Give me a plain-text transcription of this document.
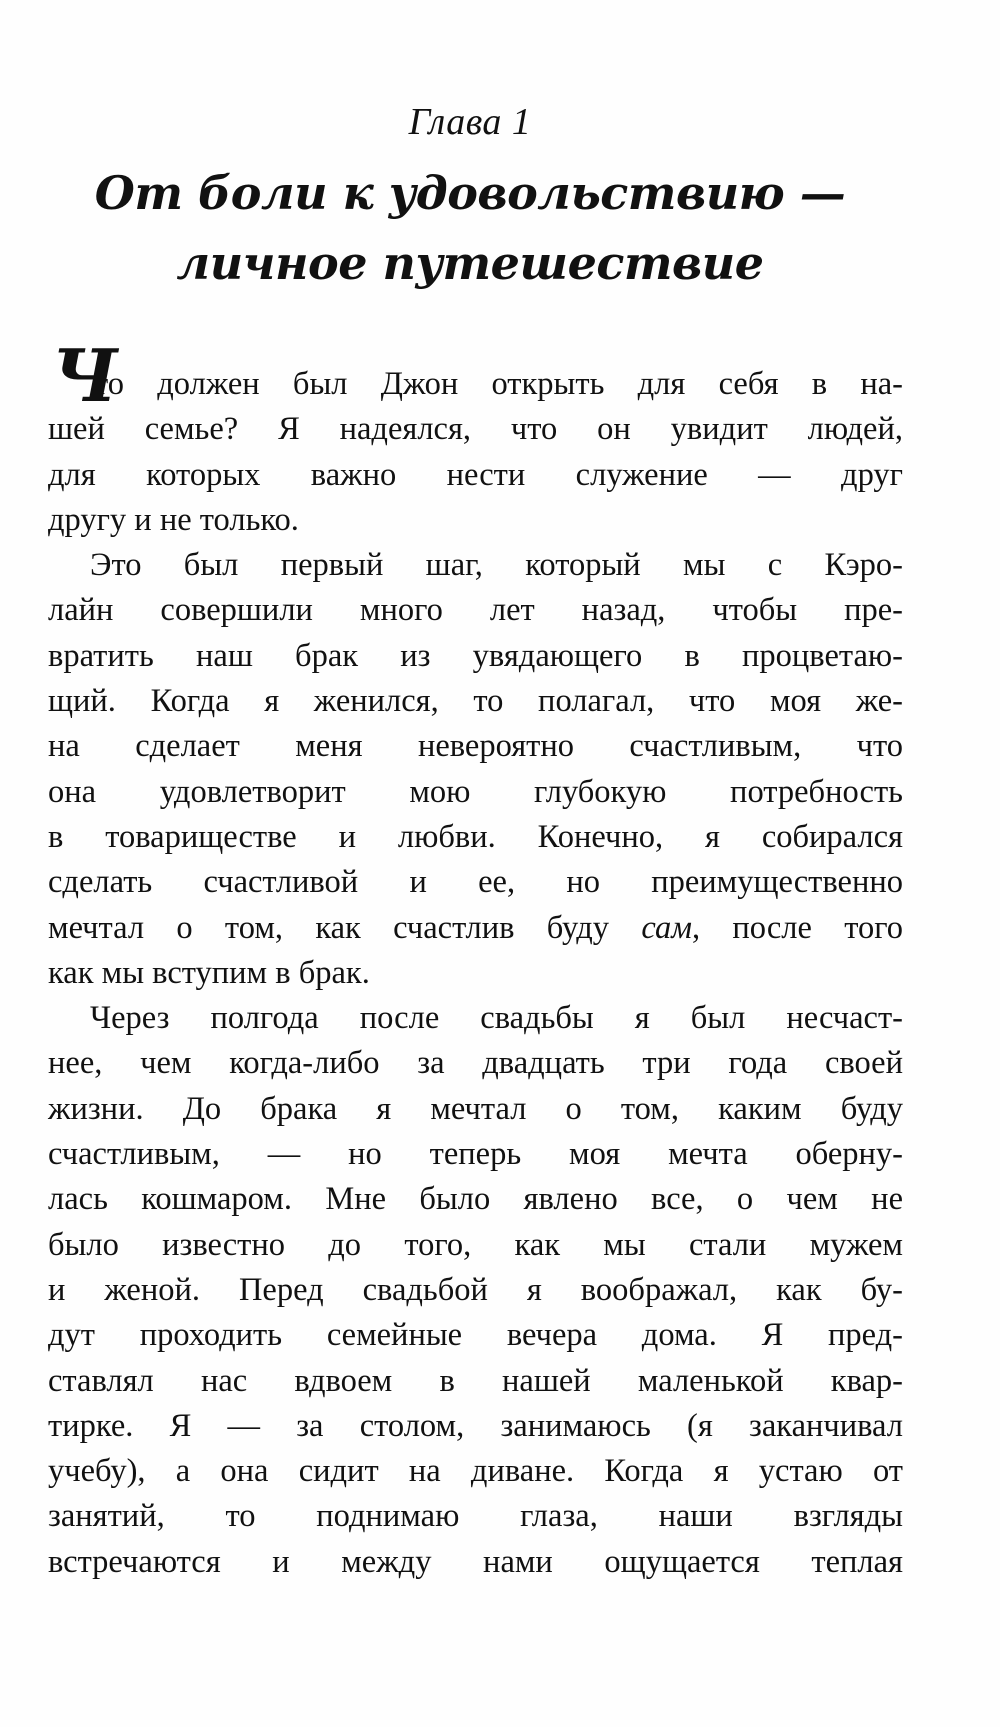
Глава 1
От боли к удовольствию —
личное путешествие
Ч
то должен был Джон открыть для себя в на-
шей семье? Я надеялся, что он увидит людей,
для которых важно нести служение — друг
другу и не только.
Это был первый шаг, который мы с Кэро-
лайн совершили много лет назад, чтобы пре-
вратить наш брак из увядающего в процветаю-
щий. Когда я женился, то полагал, что моя же-
на сделает меня невероятно счастливым, что
она удовлетворит мою глубокую потребность
в товариществе и любви. Конечно, я собирался
сделать счастливой и ее, но преимущественно
мечтал о том, как счастлив буду сам, после того
как мы вступим в брак.
Через полгода после свадьбы я был несчаст-
нее, чем когда-либо за двадцать три года своей
жизни. До брака я мечтал о том, каким буду
счастливым, — но теперь моя мечта оберну-
лась кошмаром. Мне было явлено все, о чем не
было известно до того, как мы стали мужем
и женой. Перед свадьбой я воображал, как бу-
дут проходить семейные вечера дома. Я пред-
ставлял нас вдвоем в нашей маленькой квар-
тирке. Я — за столом, занимаюсь (я заканчивал
учебу), а она сидит на диване. Когда я устаю от
занятий, то поднимаю глаза, наши взгляды
встречаются и между нами ощущается теплая
